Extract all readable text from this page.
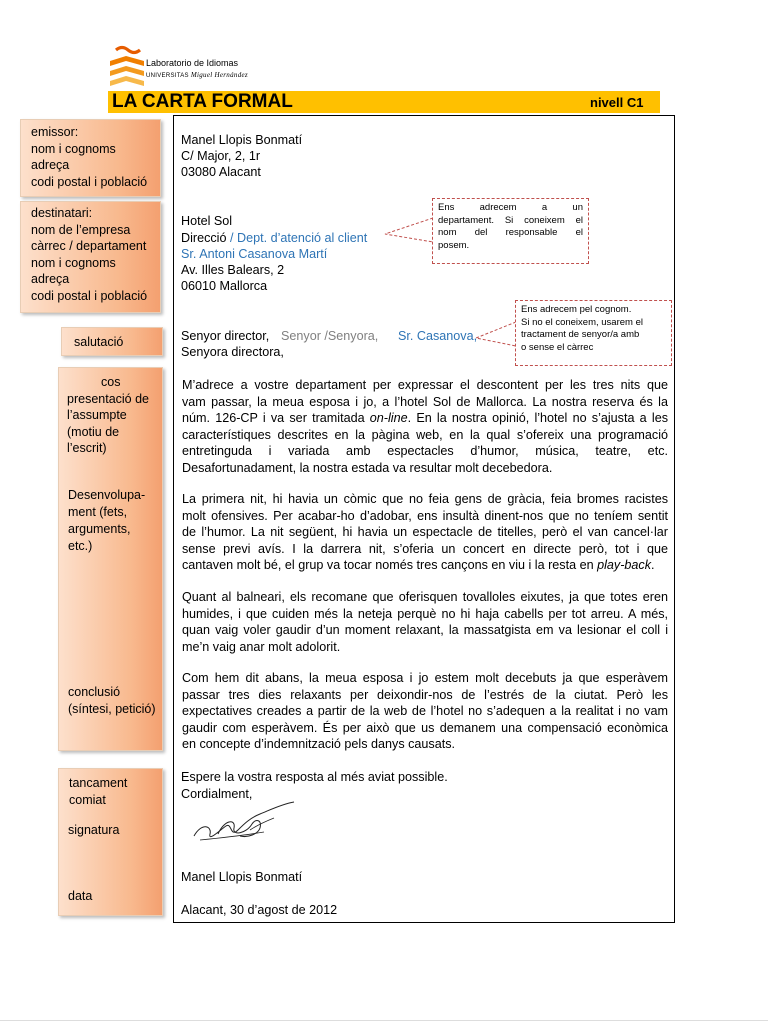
Laboratorio de Idiomas
UNIVERSITAS Miguel Hernández
LA CARTA FORMAL	nivell C1
emissor:
nom i cognoms
adreça
codi postal i població
destinatari:
nom de l’empresa
càrrec / departament
nom i cognoms
adreça
codi postal i població
salutació
cos
presentació de
l’assumpte
(motiu de
l’escrit)
Desenvolupa-
ment (fets,
arguments,
etc.)
conclusió
(síntesi, petició)
tancament
comiat
signatura
data
Manel Llopis Bonmatí
C/ Major, 2, 1r
03080 Alacant
Hotel Sol
Direcció / Dept. d’atenció al client
Sr. Antoni Casanova Martí
Av. Illes Balears, 2
06010 Mallorca
Senyor director, Senyor /Senyora, Sr. Casanova,
Senyora directora,
M’adrece a vostre departament per expressar el descontent per les tres nits que
vam passar, la meua esposa i jo, a l’hotel Sol de Mallorca. La nostra reserva és la
núm. 126-CP i va ser tramitada on-line. En la nostra opinió, l’hotel no s’ajusta a les
característiques descrites en la pàgina web, en la qual s’ofereix una programació
entretinguda i variada amb espectacles d’humor, música, teatre, etc.
Desafortunadament, la nostra estada va resultar molt decebedora.
La primera nit, hi havia un còmic que no feia gens de gràcia, feia bromes racistes
molt ofensives. Per acabar-ho d’adobar, ens insultà dinent-nos que no teníem sentit
de l’humor. La nit següent, hi havia un espectacle de titelles, però el van cancel·lar
sense previ avís. I la darrera nit, s’oferia un concert en directe però, tot i que
cantaven molt bé, el grup va tocar només tres cançons en viu i la resta en play-back.
Quant al balneari, els recomane que oferisquen tovalloles eixutes, ja que totes eren
humides, i que cuiden més la neteja perquè no hi haja cabells per tot arreu. A més,
quan vaig voler gaudir d’un moment relaxant, la massatgista em va lesionar el coll i
me’n vaig anar molt adolorit.
Com hem dit abans, la meua esposa i jo estem molt decebuts ja que esperàvem
passar tres dies relaxants per deixondir-nos de l’estrés de la ciutat. Però les
expectatives creades a partir de la web de l’hotel no s’adequen a la realitat i no vam
gaudir com esperàvem. És per això que us demanem una compensació econòmica
en concepte d’indemnització pels danys causats.
Espere la vostra resposta al més aviat possible.
Cordialment,
Manel Llopis Bonmatí
Alacant, 30 d’agost de 2012
Ens adrecem a un
departament. Si coneixem el
nom del responsable el
posem.
Ens adrecem pel cognom.
Si no el coneixem, usarem el
tractament de senyor/a amb
o sense el càrrec
